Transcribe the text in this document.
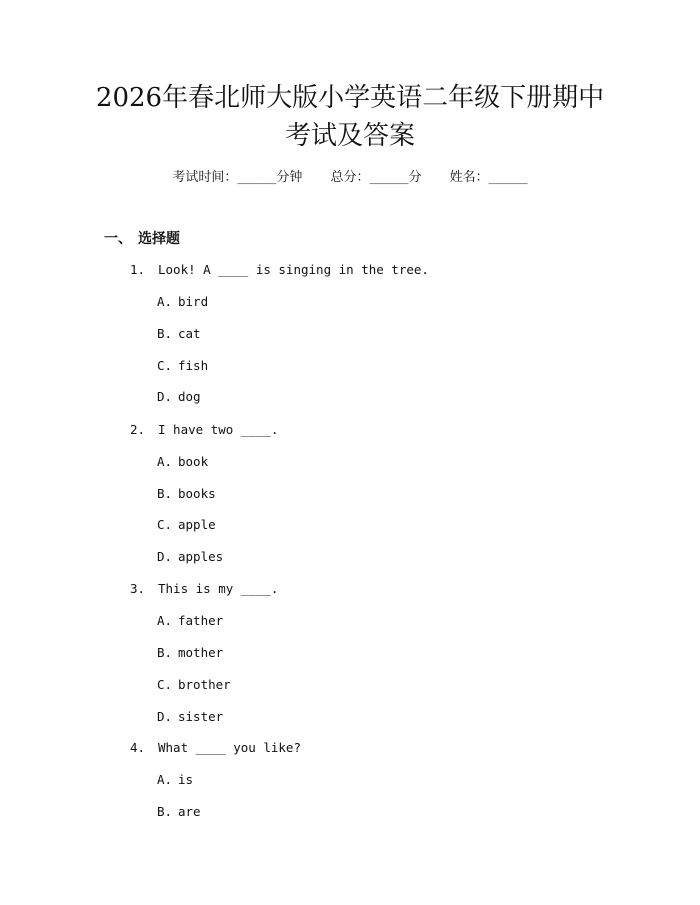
2026年春北师大版小学英语二年级下册期中
考试及答案
考试时间：______分钟 总分：______分 姓名：______
一、 选择题
1. Look! A ____ is singing in the tree.
A. bird
B. cat
C. fish
D. dog
2. I have two ____.
A. book
B. books
C. apple
D. apples
3. This is my ____.
A. father
B. mother
C. brother
D. sister
4. What ____ you like?
A. is
B. are
